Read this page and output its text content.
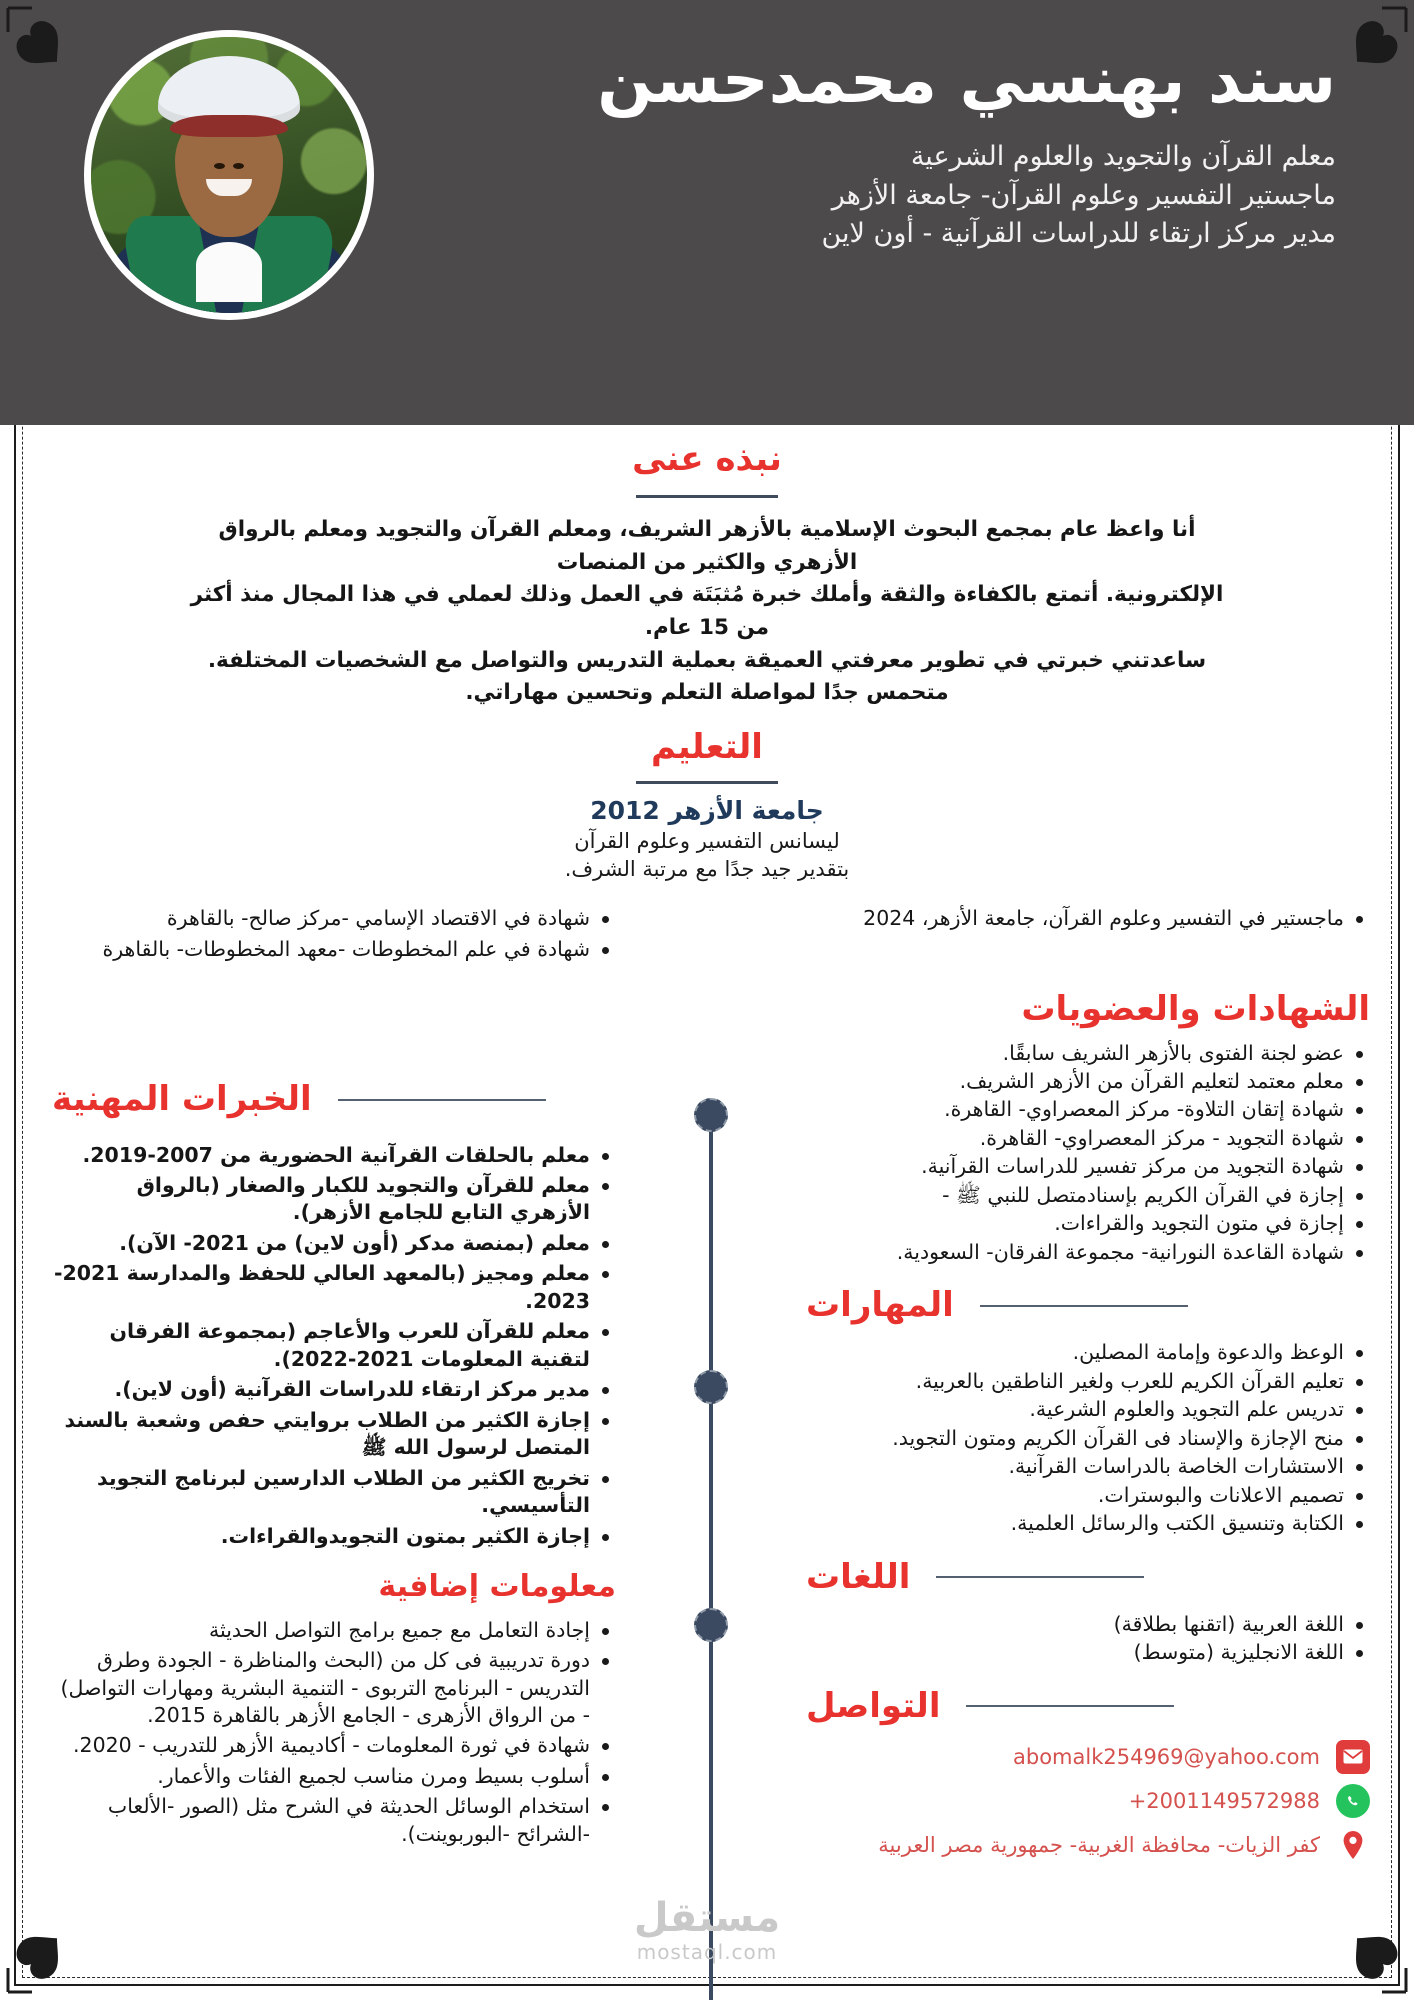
سند بهنسي محمدحسن
معلم القرآن والتجويد والعلوم الشرعية
ماجستير التفسير وعلوم القرآن- جامعة الأزهر
مدير مركز ارتقاء للدراسات القرآنية - أون لاين
نبذه عنى
أنا واعظ عام بمجمع البحوث الإسلامية بالأزهر الشريف، ومعلم القرآن والتجويد ومعلم بالرواق الأزهري والكثير من المنصات
الإلكترونية. أتمتع بالكفاءة والثقة وأملك خبرة مُثبَتَة في العمل وذلك لعملي في هذا المجال منذ أكثر من 15 عام.
ساعدتني خبرتي في تطوير معرفتي العميقة بعملية التدريس والتواصل مع الشخصيات المختلفة.
متحمس جدًا لمواصلة التعلم وتحسين مهاراتي.
التعليم
جامعة الأزهر 2012
ليسانس التفسير وعلوم القرآن
بتقدير جيد جدًا مع مرتبة الشرف.
ماجستير في التفسير وعلوم القرآن، جامعة الأزهر، 2024
شهادة في الاقتصاد الإسامي -مركز صالح- بالقاهرة
شهادة في علم المخطوطات -معهد المخطوطات- بالقاهرة
الشهادات والعضويات
عضو لجنة الفتوى بالأزهر الشريف سابقًا.
معلم معتمد لتعليم القرآن من الأزهر الشريف.
شهادة إتقان التلاوة- مركز المعصراوي- القاهرة.
شهادة التجويد - مركز المعصراوي- القاهرة.
شهادة التجويد من مركز تفسير للدراسات القرآنية.
إجازة في القرآن الكريم بإسنادمتصل للنبي ﷺ -
إجازة في متون التجويد والقراءات.
شهادة القاعدة النورانية- مجموعة الفرقان- السعودية.
المهارات
الوعظ والدعوة وإمامة المصلين.
تعليم القرآن الكريم للعرب ولغير الناطقين بالعربية.
تدريس علم التجويد والعلوم الشرعية.
منح الإجازة والإسناد فى القرآن الكريم ومتون التجويد.
الاستشارات الخاصة بالدراسات القرآنية.
تصميم الاعلانات والبوسترات.
الكتابة وتنسيق الكتب والرسائل العلمية.
اللغات
اللغة العربية (اتقنها بطلاقة)
اللغة الانجليزية (متوسط)
التواصل
abomalk254969@yahoo.com
+2001149572988
كفر الزيات- محافظة الغربية- جمهورية مصر العربية
الخبرات المهنية
معلم بالحلقات القرآنية الحضورية من 2007-2019.
معلم للقرآن والتجويد للكبار والصغار (بالرواق الأزهري التابع للجامع الأزهر).
معلم (بمنصة مدكر (أون لاين) من 2021- الآن).
معلم ومجيز (بالمعهد العالي للحفظ والمدارسة 2021-2023.
معلم للقرآن للعرب والأعاجم (بمجموعة الفرقان لتقنية المعلومات 2021-2022).
مدير مركز ارتقاء للدراسات القرآنية (أون لاين).
إجازة الكثير من الطلاب بروايتي حفص وشعبة بالسند المتصل لرسول الله ﷺ
تخريج الكثير من الطلاب الدارسين لبرنامج التجويد التأسيسي.
إجازة الكثير بمتون التجويدوالقراءات.
معلومات إضافية
إجادة التعامل مع جميع برامج التواصل الحديثة
دورة تدريبية فى كل من (البحث والمناظرة - الجودة وطرق التدريس - البرنامج التربوى - التنمية البشرية ومهارات التواصل) - من الرواق الأزهرى - الجامع الأزهر بالقاهرة 2015.
شهادة في ثورة المعلومات - أكاديمية الأزهر للتدريب - 2020.
أسلوب بسيط ومرن مناسب لجميع الفئات والأعمار.
استخدام الوسائل الحديثة في الشرح مثل (الصور -الألعاب -الشرائح -البوربوينت).
مستقل
mostaql.com
